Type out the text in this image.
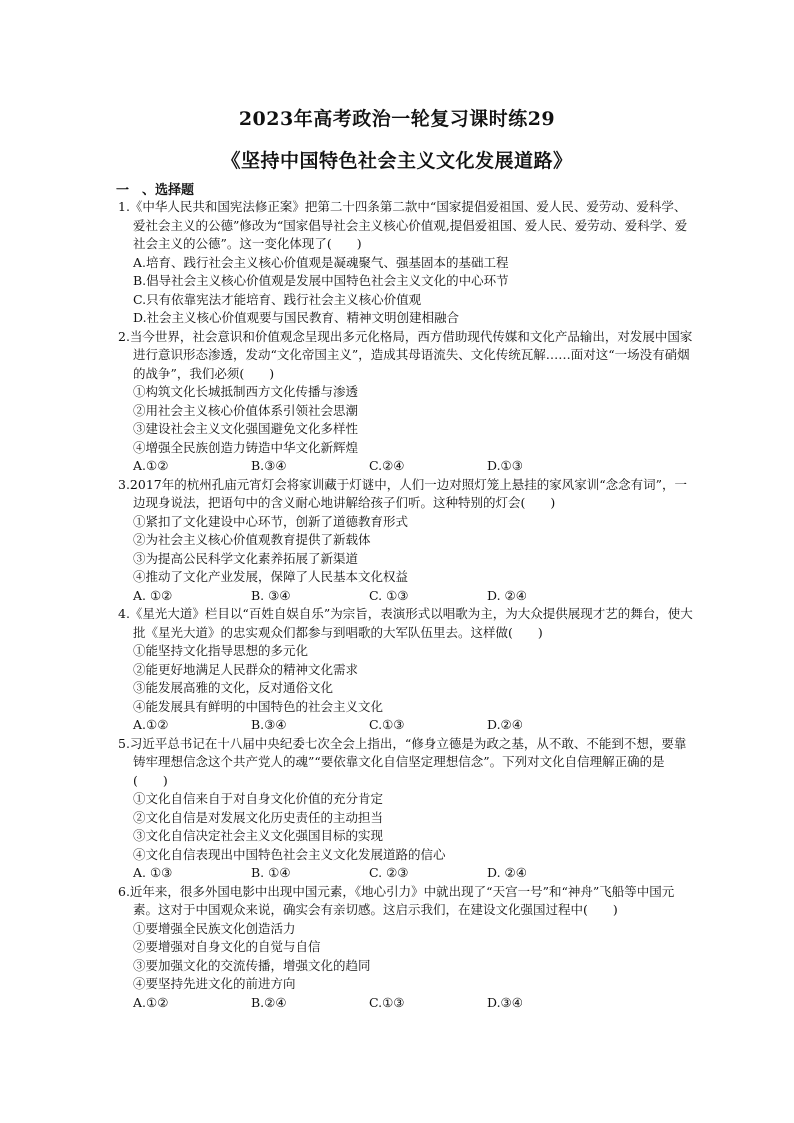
2023年高考政治一轮复习课时练29
《坚持中国特色社会主义文化发展道路》
一　、选择题

1.《中华人民共和国宪法修正案》把第二十四条第二款中“国家提倡爱祖国、爱人民、爱劳动、爱科学、爱社会主义的公德”修改为“国家倡导社会主义核心价值观,提倡爱祖国、爱人民、爱劳动、爱科学、爱社会主义的公德”。这一变化体现了(　　)

A.培育、践行社会主义核心价值观是凝魂聚气、强基固本的基础工程

B.倡导社会主义核心价值观是发展中国特色社会主义文化的中心环节

C.只有依靠宪法才能培育、践行社会主义核心价值观

D.社会主义核心价值观要与国民教育、精神文明创建相融合

2.当今世界，社会意识和价值观念呈现出多元化格局，西方借助现代传媒和文化产品输出，对发展中国家进行意识形态渗透，发动“文化帝国主义”，造成其母语流失、文化传统瓦解……面对这“一场没有硝烟的战争”，我们必须(　　)

①构筑文化长城抵制西方文化传播与渗透

②用社会主义核心价值体系引领社会思潮

③建设社会主义文化强国避免文化多样性

④增强全民族创造力铸造中华文化新辉煌

A.①②	B.③④	C.②④	D.①③

3.2017年的杭州孔庙元宵灯会将家训藏于灯谜中，人们一边对照灯笼上悬挂的家风家训“念念有词”，一边现身说法，把语句中的含义耐心地讲解给孩子们听。这种特别的灯会(　　)

①紧扣了文化建设中心环节，创新了道德教育形式

②为社会主义核心价值观教育提供了新载体

③为提高公民科学文化素养拓展了新渠道

④推动了文化产业发展，保障了人民基本文化权益

A. ①②	B. ③④	C. ①③	D. ②④

4.《星光大道》栏目以“百姓自娱自乐”为宗旨，表演形式以唱歌为主，为大众提供展现才艺的舞台，使大批《星光大道》的忠实观众们都参与到唱歌的大军队伍里去。这样做(　　)

①能坚持文化指导思想的多元化

②能更好地满足人民群众的精神文化需求

③能发展高雅的文化，反对通俗文化

④能发展具有鲜明的中国特色的社会主义文化

A.①②	B.③④	C.①③	D.②④

5.习近平总书记在十八届中央纪委七次全会上指出，“修身立德是为政之基，从不敢、不能到不想，要靠铸牢理想信念这个共产党人的魂”“要依靠文化自信坚定理想信念”。下列对文化自信理解正确的是(　　)

①文化自信来自于对自身文化价值的充分肯定

②文化自信是对发展文化历史责任的主动担当

③文化自信决定社会主义文化强国目标的实现

④文化自信表现出中国特色社会主义文化发展道路的信心

A. ①③	B. ①④	C. ②③	D. ②④

6.近年来，很多外国电影中出现中国元素，《地心引力》中就出现了“天宫一号”和“神舟”飞船等中国元素。这对于中国观众来说，确实会有亲切感。这启示我们，在建设文化强国过程中(　　)

①要增强全民族文化创造活力

②要增强对自身文化的自觉与自信

③要加强文化的交流传播，增强文化的趋同

④要坚持先进文化的前进方向

A.①②	B.②④	C.①③	D.③④
